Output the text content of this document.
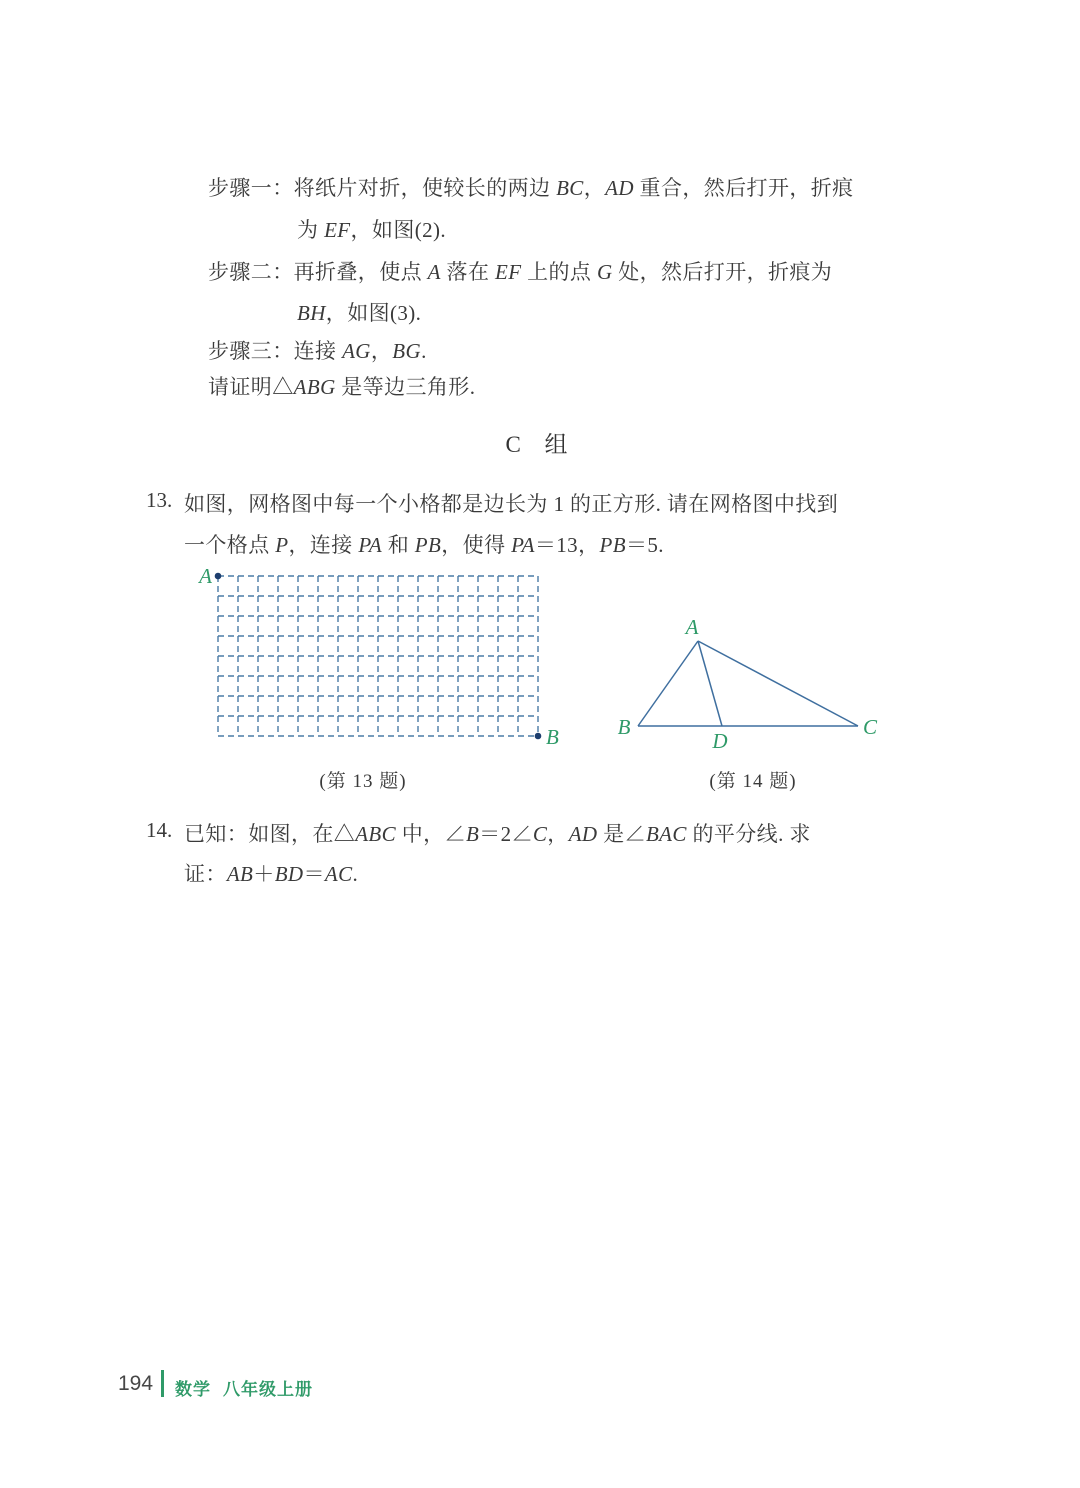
步骤一：将纸片对折，使较长的两边 BC，AD 重合，然后打开，折痕
为 EF，如图(2).
步骤二：再折叠，使点 A 落在 EF 上的点 G 处，然后打开，折痕为
BH，如图(3).
步骤三：连接 AG，BG.
请证明△ABG 是等边三角形.
C 组
13. 如图，网格图中每一个小格都是边长为 1 的正方形. 请在网格图中找到
一个格点 P，连接 PA 和 PB，使得 PA＝13，PB＝5.
A
B
A
B	C
D
(第 13 题)	(第 14 题)
14. 已知：如图，在△ABC 中，∠B＝2∠C，AD 是∠BAC 的平分线. 求
证：AB＋BD＝AC.
194 数学 八年级上册
